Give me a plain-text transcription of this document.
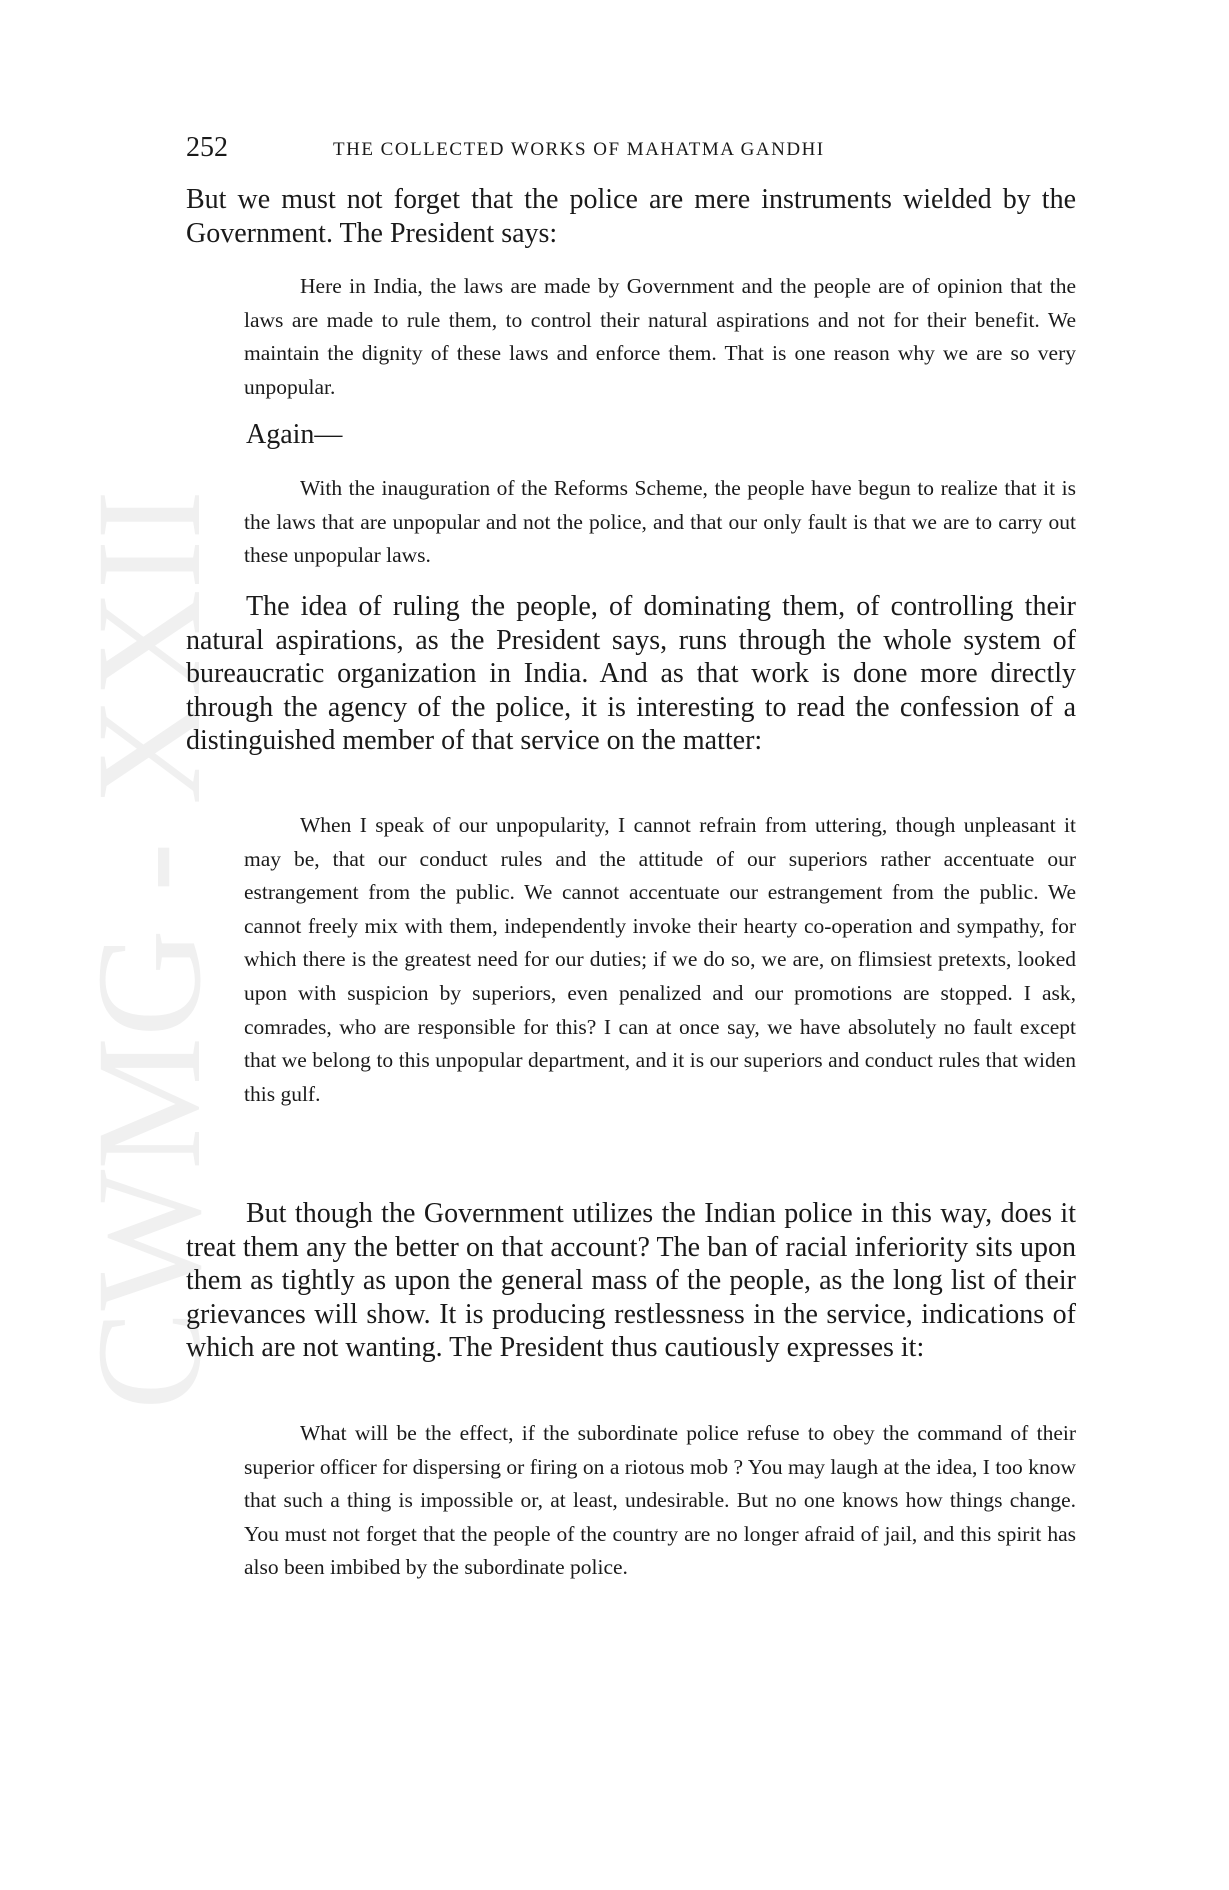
CWMG - XXII
252	THE COLLECTED WORKS OF MAHATMA GANDHI

But we must not forget that the police are mere instruments wielded by the Government. The President says:

Here in India, the laws are made by Government and the people are of opinion that the laws are made to rule them, to control their natural aspirations and not for their benefit. We maintain the dignity of these laws and enforce them. That is one reason why we are so very unpopular.

Again—

With the inauguration of the Reforms Scheme, the people have begun to realize that it is the laws that are unpopular and not the police, and that our only fault is that we are to carry out these unpopular laws.

The idea of ruling the people, of dominating them, of controlling their natural aspirations, as the President says, runs through the whole system of bureaucratic organization in India. And as that work is done more directly through the agency of the police, it is interesting to read the confession of a distinguished member of that service on the matter:

When I speak of our unpopularity, I cannot refrain from uttering, though unpleasant it may be, that our conduct rules and the attitude of our superiors rather accentuate our estrangement from the public. We cannot accentuate our estrangement from the public. We cannot freely mix with them, independently invoke their hearty co-operation and sympathy, for which there is the greatest need for our duties; if we do so, we are, on flimsiest pretexts, looked upon with suspicion by superiors, even penalized and our promotions are stopped. I ask, comrades, who are responsible for this? I can at once say, we have absolutely no fault except that we belong to this unpopular department, and it is our superiors and conduct rules that widen this gulf.

But though the Government utilizes the Indian police in this way, does it treat them any the better on that account? The ban of racial inferiority sits upon them as tightly as upon the general mass of the people, as the long list of their grievances will show. It is producing restlessness in the service, indications of which are not wanting. The President thus cautiously expresses it:

What will be the effect, if the subordinate police refuse to obey the command of their superior officer for dispersing or firing on a riotous mob ? You may laugh at the idea, I too know that such a thing is impossible or, at least, undesirable. But no one knows how things change. You must not forget that the people of the country are no longer afraid of jail, and this spirit has also been imbibed by the subordinate police.
